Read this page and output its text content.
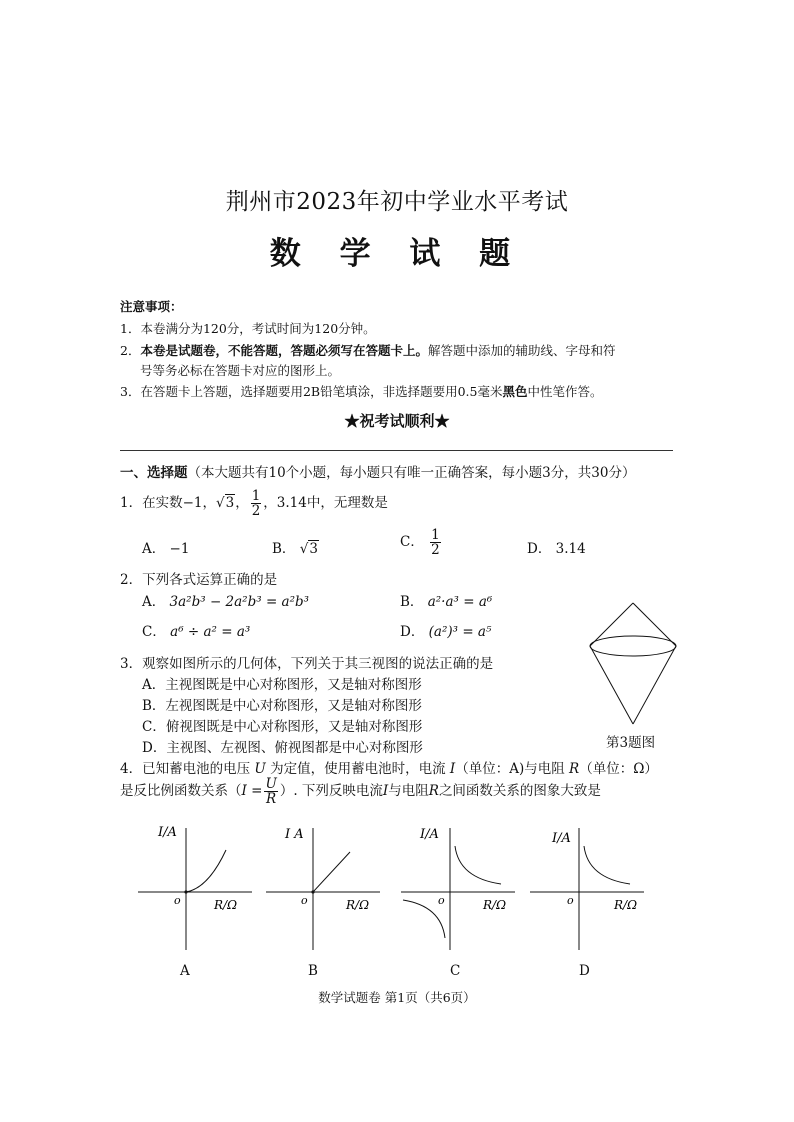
荆州市2023年初中学业水平考试
数 学 试 题
注意事项：
1．本卷满分为120分，考试时间为120分钟。
2．本卷是试题卷，不能答题，答题必须写在答题卡上。解答题中添加的辅助线、字母和符
号等务必标在答题卡对应的图形上。
3．在答题卡上答题，选择题要用2B铅笔填涂，非选择题要用0.5毫米黑色中性笔作答。
★祝考试顺利★
一、选择题（本大题共有10个小题，每小题只有唯一正确答案，每小题3分，共30分）
1．在实数−1，√3， $\frac{1}{2}$ ，3.14中，无理数是
A． −1	B． √3	C． $\frac{1}{2}$	D． 3.14
2．下列各式运算正确的是
A． 3a²b³ − 2a²b³ = a²b³	B． a²·a³ = a⁶
C． a⁶ ÷ a² = a³	D． (a²)³ = a⁵
第3题图
3．观察如图所示的几何体，下列关于其三视图的说法正确的是
A．主视图既是中心对称图形，又是轴对称图形
B．左视图既是中心对称图形，又是轴对称图形
C．俯视图既是中心对称图形，又是轴对称图形
D．主视图、左视图、俯视图都是中心对称图形
4．已知蓄电池的电压 U 为定值，使用蓄电池时，电流 I（单位：A)与电阻 R（单位：Ω）
是反比例函数关系（$I = \frac{U}{R}$ ）. 下列反映电流I与电阻R之间函数关系的图象大致是
I/A
o	R/Ω
I A
o	R/Ω
I/A
o	R/Ω
I/A
o	R/Ω
A	B	C	D
数学试题卷 第1页（共6页）
